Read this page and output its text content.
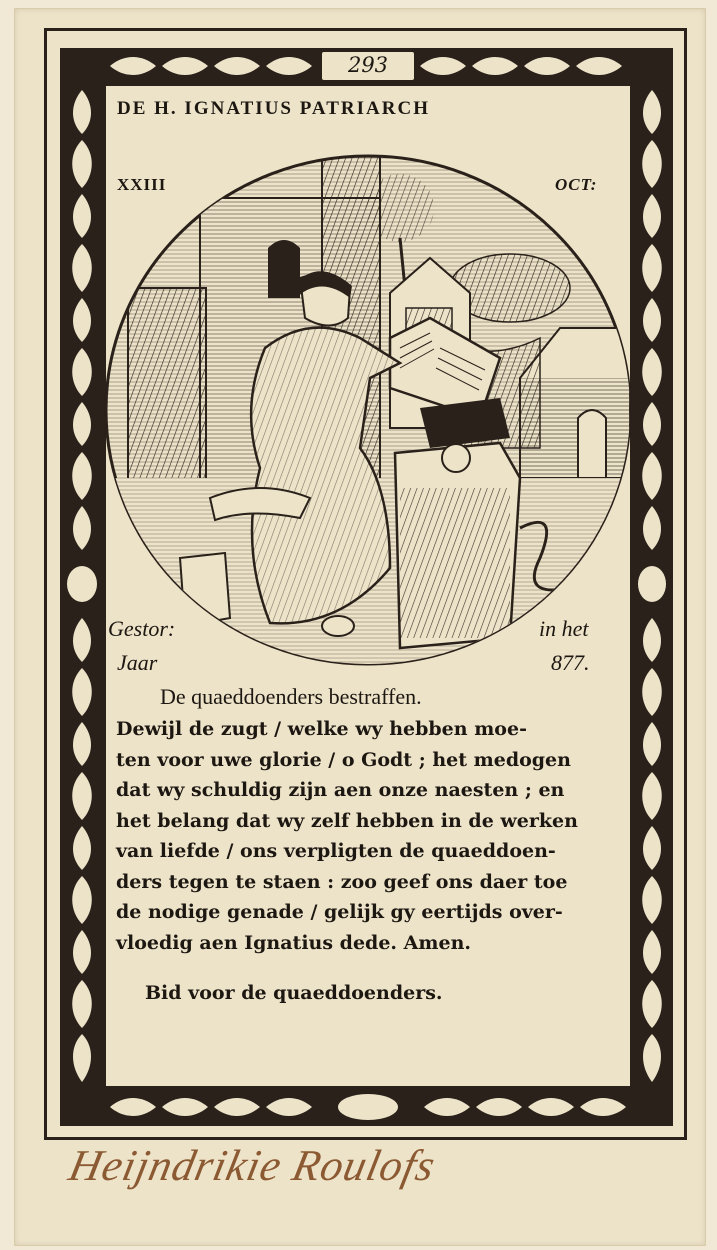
293
DE H. IGNATIUS PATRIARCH
XXIII	OCT:
Gestor:	in het
Jaar	877.
De quaeddoenders bestraffen.
Dewijl de zugt / welke wy hebben moe-
ten voor uwe glorie / o Godt ; het medogen
dat wy schuldig zijn aen onze naesten ; en
het belang dat wy zelf hebben in de werken
van liefde / ons verpligten de quaeddoen-
ders tegen te staen : zoo geef ons daer toe
de nodige genade / gelijk gy eertijds over-
vloedig aen Ignatius dede. Amen.
Bid voor de quaeddoenders.
Heijndrikie Roulofs
